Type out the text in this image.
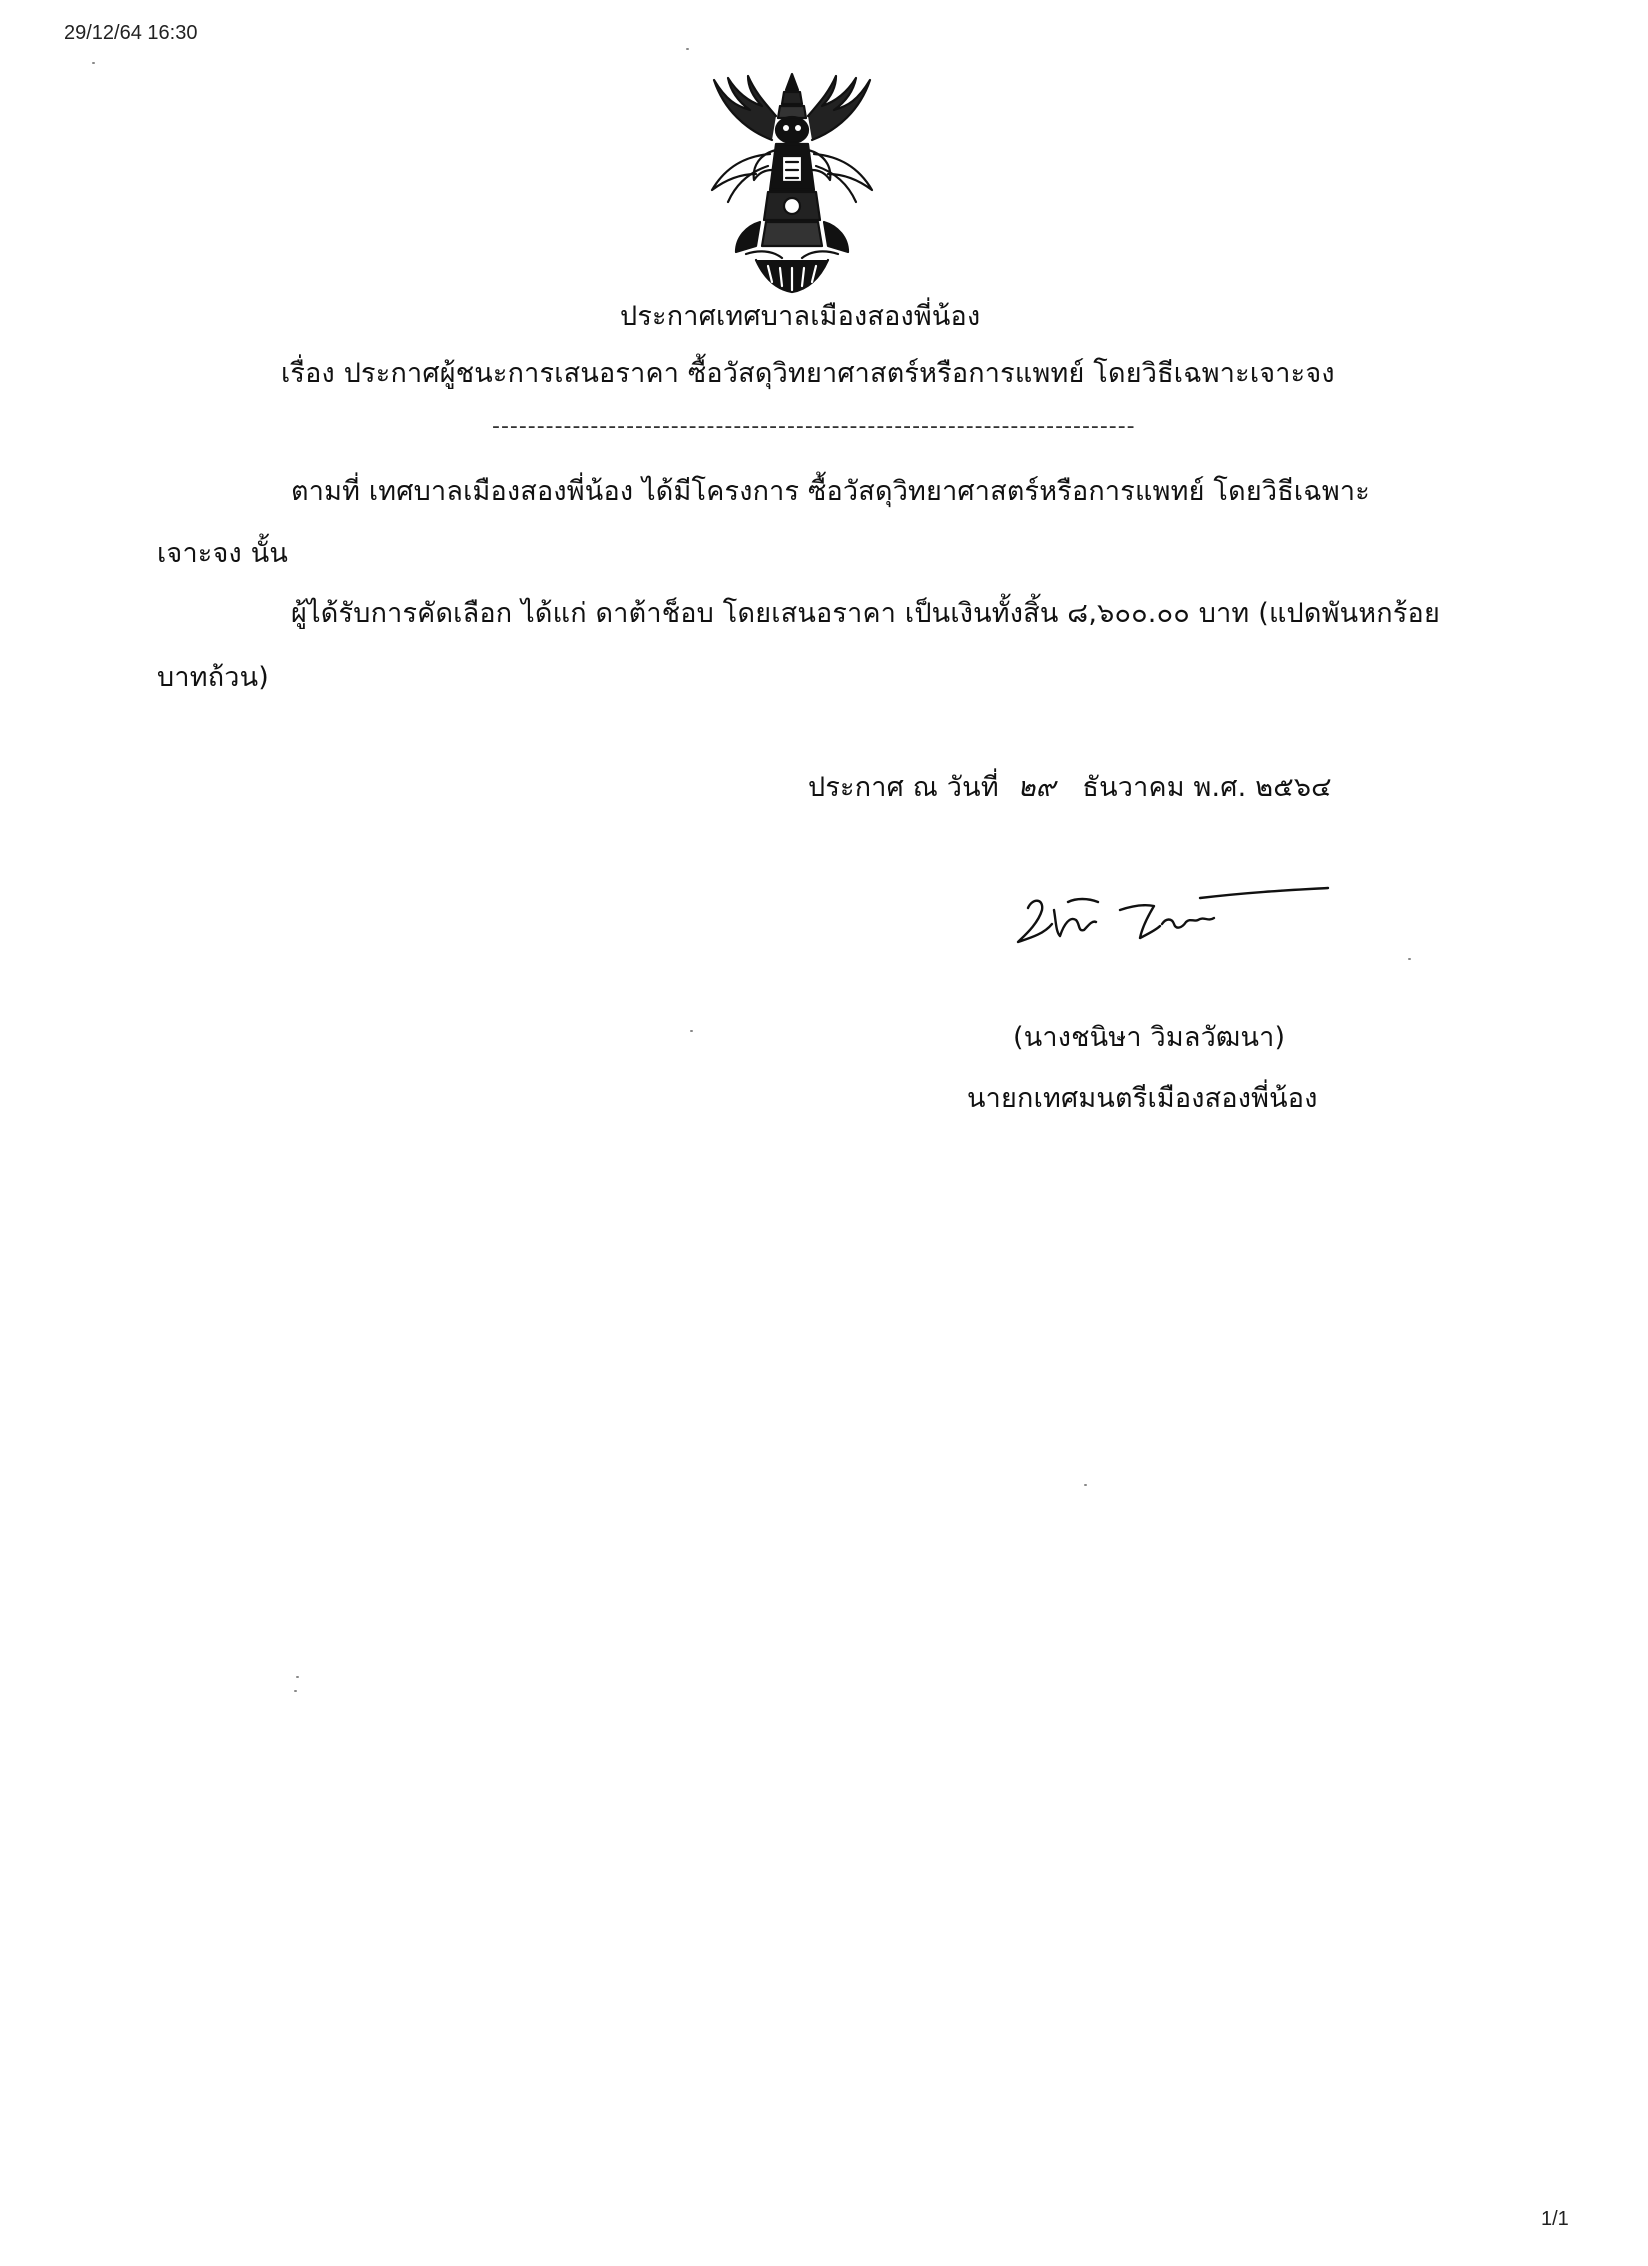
29/12/64 16:30
ประกาศเทศบาลเมืองสองพี่น้อง
เรื่อง ประกาศผู้ชนะการเสนอราคา ซื้อวัสดุวิทยาศาสตร์หรือการแพทย์ โดยวิธีเฉพาะเจาะจง
------------------------------------------------------------------------
ตามที่ เทศบาลเมืองสองพี่น้อง ได้มีโครงการ ซื้อวัสดุวิทยาศาสตร์หรือการแพทย์ โดยวิธีเฉพาะ
เจาะจง นั้น
ผู้ได้รับการคัดเลือก ได้แก่ ดาต้าช็อบ โดยเสนอราคา เป็นเงินทั้งสิ้น ๘,๖๐๐.๐๐ บาท (แปดพันหกร้อย
บาทถ้วน)
ประกาศ ณ วันที่ ๒๙ ธันวาคม พ.ศ. ๒๕๖๔
(นางชนิษา วิมลวัฒนา)
นายกเทศมนตรีเมืองสองพี่น้อง
1/1
